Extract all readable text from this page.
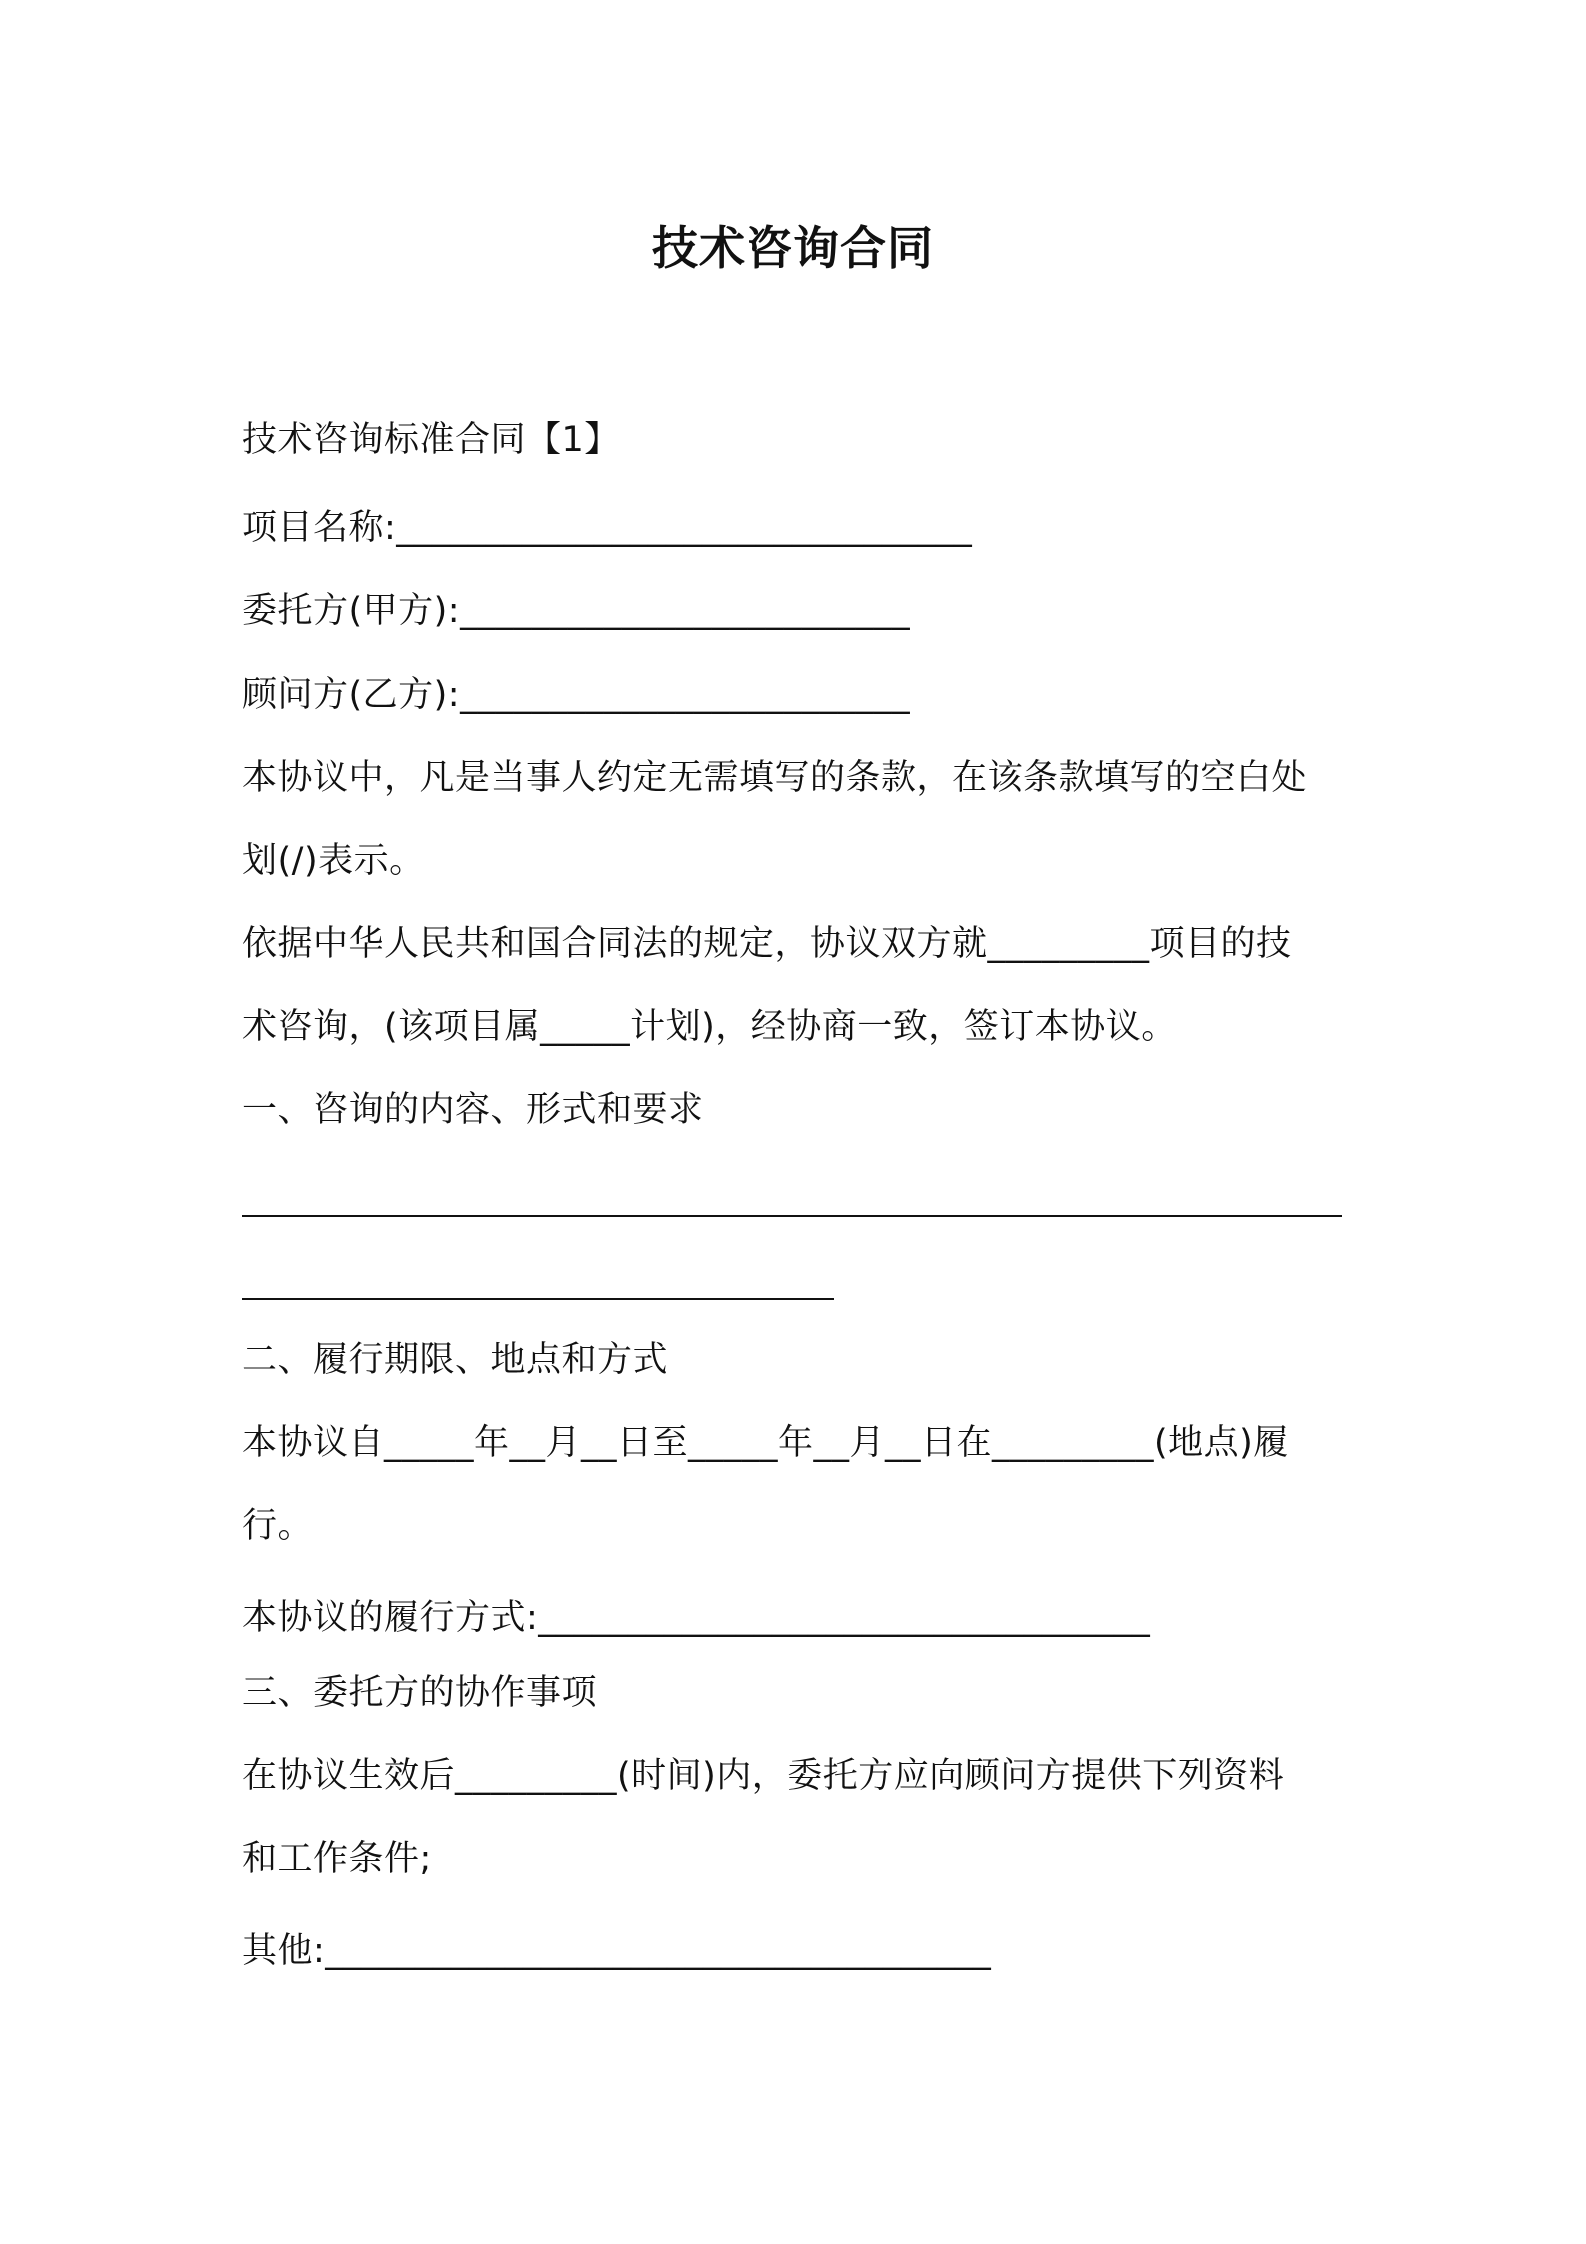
技术咨询合同
技术咨询标准合同【1】
项目名称:________________________________
委托方(甲方):_________________________
顾问方(乙方):_________________________
本协议中，凡是当事人约定无需填写的条款，在该条款填写的空白处
划(/)表示。
依据中华人民共和国合同法的规定，协议双方就_________项目的技
术咨询，(该项目属_____计划)，经协商一致，签订本协议。
一、咨询的内容、形式和要求
二、履行期限、地点和方式
本协议自_____年__月__日至_____年__月__日在_________(地点)履
行。
本协议的履行方式:__________________________________
三、委托方的协作事项
在协议生效后_________(时间)内，委托方应向顾问方提供下列资料
和工作条件;
其他:_____________________________________
